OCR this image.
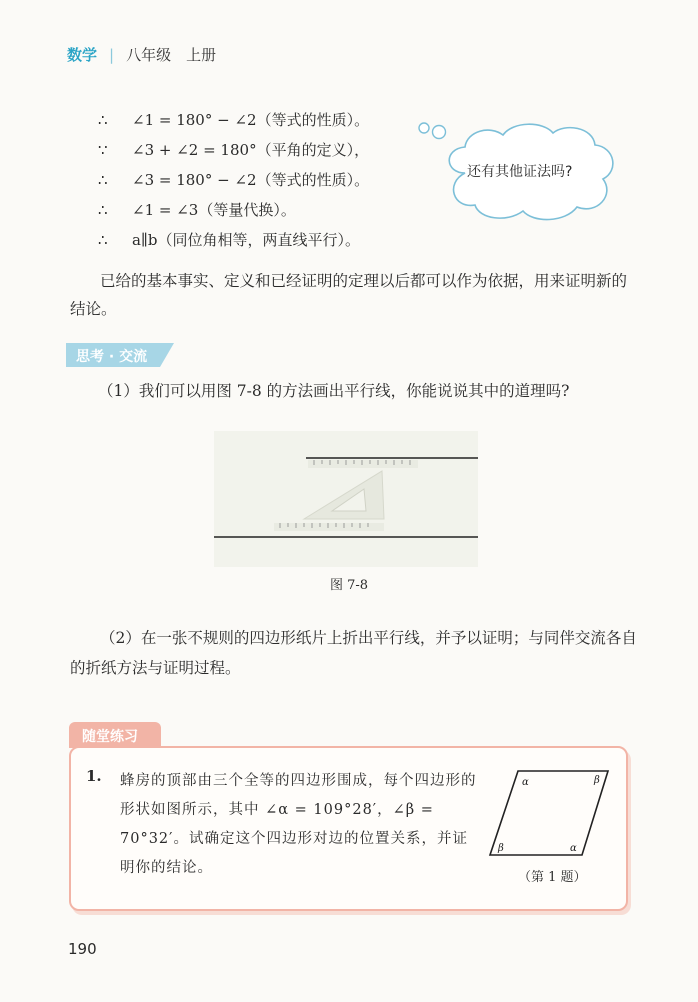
数学 | 八年级　上册
∴	∠1 = 180° − ∠2（等式的性质）。
∵	∠3 + ∠2 = 180°（平角的定义），
∴	∠3 = 180° − ∠2（等式的性质）。
∴	∠1 = ∠3（等量代换）。
∴	a∥b（同位角相等，两直线平行）。
还有其他证法吗?
已给的基本事实、定义和已经证明的定理以后都可以作为依据，用来证明新的结论。
思考 · 交流
（1）我们可以用图 7-8 的方法画出平行线，你能说说其中的道理吗?
图 7-8
（2）在一张不规则的四边形纸片上折出平行线，并予以证明；与同伴交流各自的折纸方法与证明过程。
随堂练习
1. 蜂房的顶部由三个全等的四边形围成，每个四边形的形状如图所示，其中 ∠α = 109°28′，∠β = 70°32′。试确定这个四边形对边的位置关系，并证明你的结论。
α	β
β	α
（第 1 题）
190
